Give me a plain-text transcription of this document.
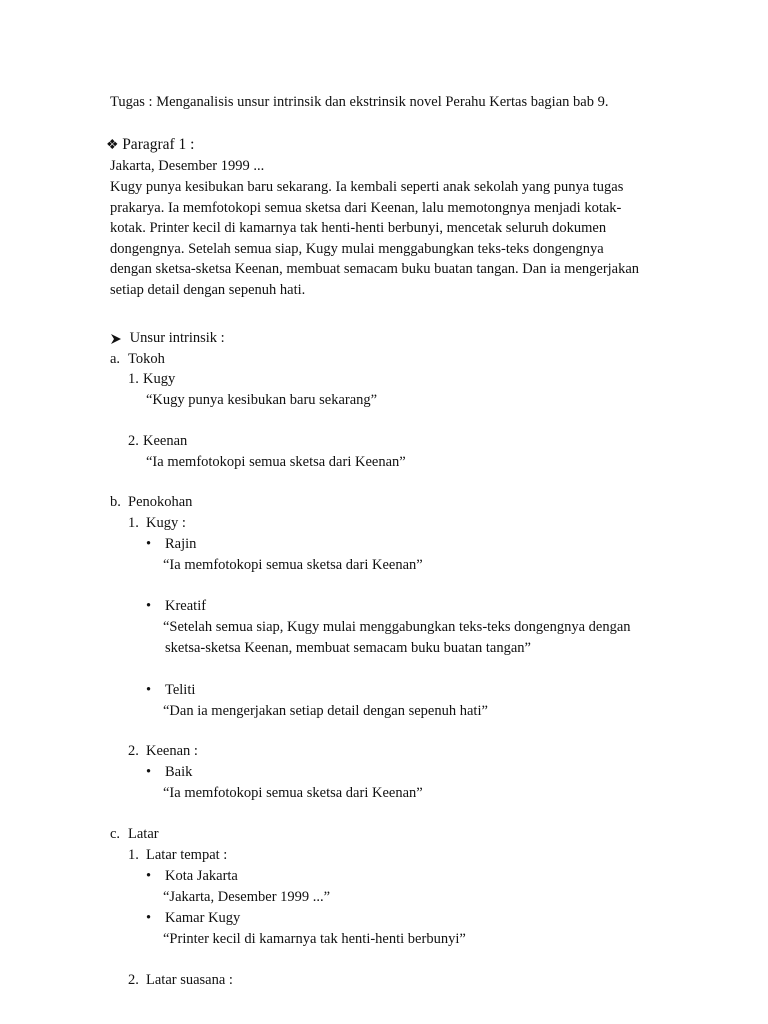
Tugas : Menganalisis unsur intrinsik dan ekstrinsik novel Perahu Kertas bagian bab 9.
❖ Paragraf 1 :
Jakarta, Desember 1999 ...
Kugy punya kesibukan baru sekarang. Ia kembali seperti anak sekolah yang punya tugas
prakarya. Ia memfotokopi semua sketsa dari Keenan, lalu memotongnya menjadi kotak-
kotak. Printer kecil di kamarnya tak henti-henti berbunyi, mencetak seluruh dokumen
dongengnya. Setelah semua siap, Kugy mulai menggabungkan teks-teks dongengnya
dengan sketsa-sketsa Keenan, membuat semacam buku buatan tangan. Dan ia mengerjakan
setiap detail dengan sepenuh hati.
Unsur intrinsik :
a. Tokoh
1. Kugy
“Kugy punya kesibukan baru sekarang”
2. Keenan
“Ia memfotokopi semua sketsa dari Keenan”
b. Penokohan
1. Kugy :
• Rajin
“Ia memfotokopi semua sketsa dari Keenan”
• Kreatif
“Setelah semua siap, Kugy mulai menggabungkan teks-teks dongengnya dengan
sketsa-sketsa Keenan, membuat semacam buku buatan tangan”
• Teliti
“Dan ia mengerjakan setiap detail dengan sepenuh hati”
2. Keenan :
• Baik
“Ia memfotokopi semua sketsa dari Keenan”
c. Latar
1. Latar tempat :
• Kota Jakarta
“Jakarta, Desember 1999 ...”
• Kamar Kugy
“Printer kecil di kamarnya tak henti-henti berbunyi”
2. Latar suasana :
